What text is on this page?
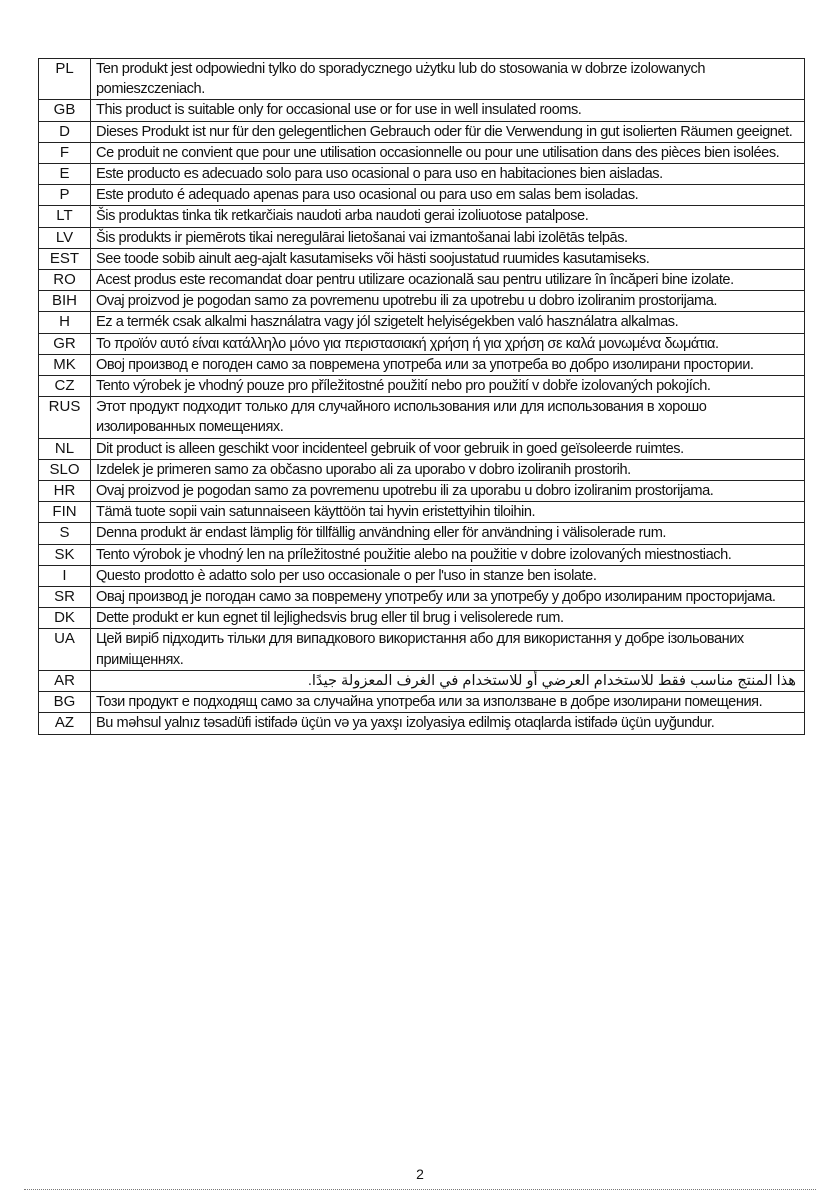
PL	Ten produkt jest odpowiedni tylko do sporadycznego użytku lub do stosowania w dobrze izolowanych pomieszczeniach.
GB	This product is suitable only for occasional use or for use in well insulated rooms.
D	Dieses Produkt ist nur für den gelegentlichen Gebrauch oder für die Verwendung in gut isolierten Räumen geeignet.
F	Ce produit ne convient que pour une utilisation occasionnelle ou pour une utilisation dans des pièces bien isolées.
E	Este producto es adecuado solo para uso ocasional o para uso en habitaciones bien aisladas.
P	Este produto é adequado apenas para uso ocasional ou para uso em salas bem isoladas.
LT	Šis produktas tinka tik retkarčiais naudoti arba naudoti gerai izoliuotose patalpose.
LV	Šis produkts ir piemērots tikai neregulārai lietošanai vai izmantošanai labi izolētās telpās.
EST	See toode sobib ainult aeg-ajalt kasutamiseks või hästi soojustatud ruumides kasutamiseks.
RO	Acest produs este recomandat doar pentru utilizare ocazională sau pentru utilizare în încăperi bine izolate.
BIH	Ovaj proizvod je pogodan samo za povremenu upotrebu ili za upotrebu u dobro izoliranim prostorijama.
H	Ez a termék csak alkalmi használatra vagy jól szigetelt helyiségekben való használatra alkalmas.
GR	Το προϊόν αυτό είναι κατάλληλο μόνο για περιστασιακή χρήση ή για χρήση σε καλά μονωμένα δωμάτια.
MK	Овој производ е погоден само за повремена употреба или за употреба во добро изолирани простории.
CZ	Tento výrobek je vhodný pouze pro příležitostné použití nebo pro použití v dobře izolovaných pokojích.
RUS	Этот продукт подходит только для случайного использования или для использования в хорошо изолированных помещениях.
NL	Dit product is alleen geschikt voor incidenteel gebruik of voor gebruik in goed geïsoleerde ruimtes.
SLO	Izdelek je primeren samo za občasno uporabo ali za uporabo v dobro izoliranih prostorih.
HR	Ovaj proizvod je pogodan samo za povremenu upotrebu ili za uporabu u dobro izoliranim prostorijama.
FIN	Tämä tuote sopii vain satunnaiseen käyttöön tai hyvin eristettyihin tiloihin.
S	Denna produkt är endast lämplig för tillfällig användning eller för användning i välisolerade rum.
SK	Tento výrobok je vhodný len na príležitostné použitie alebo na použitie v dobre izolovaných miestnostiach.
I	Questo prodotto è adatto solo per uso occasionale o per l'uso in stanze ben isolate.
SR	Овај производ је погодан само за повремену употребу или за употребу у добро изолираним просторијама.
DK	Dette produkt er kun egnet til lejlighedsvis brug eller til brug i velisolerede rum.
UA	Цей виріб підходить тільки для випадкового використання або для використання у добре ізольованих приміщеннях.
AR	هذا المنتج مناسب فقط للاستخدام العرضي أو للاستخدام في الغرف المعزولة جيدًا.
BG	Този продукт е подходящ само за случайна употреба или за използване в добре изолирани помещения.
AZ	Bu məhsul yalnız təsadüfi istifadə üçün və ya yaxşı izolyasiya edilmiş otaqlarda istifadə üçün uyğundur.
2
